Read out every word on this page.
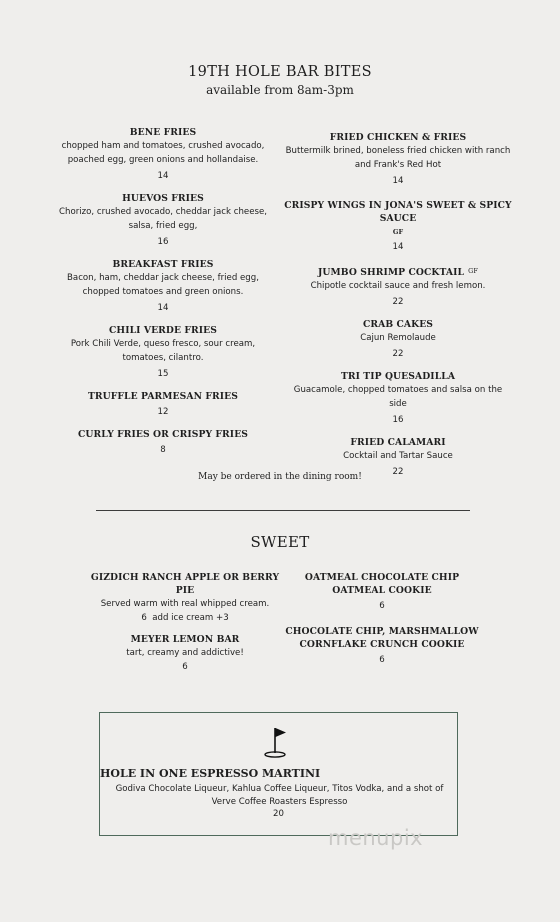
19TH HOLE BAR BITES
available from 8am-3pm
BENE FRIES
chopped ham and tomatoes, crushed avocado, poached egg, green onions and hollandaise.
14
HUEVOS FRIES
Chorizo, crushed avocado, cheddar jack cheese, salsa, fried egg,
16
BREAKFAST FRIES
Bacon, ham, cheddar jack cheese, fried egg, chopped tomatoes and green onions.
14
CHILI VERDE FRIES
Pork Chili Verde, queso fresco, sour cream, tomatoes, cilantro.
15
TRUFFLE PARMESAN FRIES
12
CURLY FRIES OR CRISPY FRIES
8
FRIED CHICKEN & FRIES
Buttermilk brined, boneless fried chicken with ranch and Frank's Red Hot
14
CRISPY WINGS IN JONA'S SWEET & SPICY SAUCE
GF
14
JUMBO SHRIMP COCKTAIL $^{GF}$
Chipotle cocktail sauce and fresh lemon.
22
CRAB CAKES
Cajun Remolaude
22
TRI TIP QUESADILLA
Guacamole, chopped tomatoes and salsa on the side
16
FRIED CALAMARI
Cocktail and Tartar Sauce
22
May be ordered in the dining room!
SWEET
GIZDICH RANCH APPLE OR BERRY PIE
Served warm with real whipped cream.
6  add ice cream +3
MEYER LEMON BAR
tart, creamy and addictive!
6
OATMEAL CHOCOLATE CHIP OATMEAL COOKIE
6
CHOCOLATE CHIP, MARSHMALLOW CORNFLAKE CRUNCH COOKIE
6
HOLE IN ONE ESPRESSO MARTINI
Godiva Chocolate Liqueur, Kahlua Coffee Liqueur, Titos Vodka, and a shot of Verve Coffee Roasters Espresso
20
menupix
